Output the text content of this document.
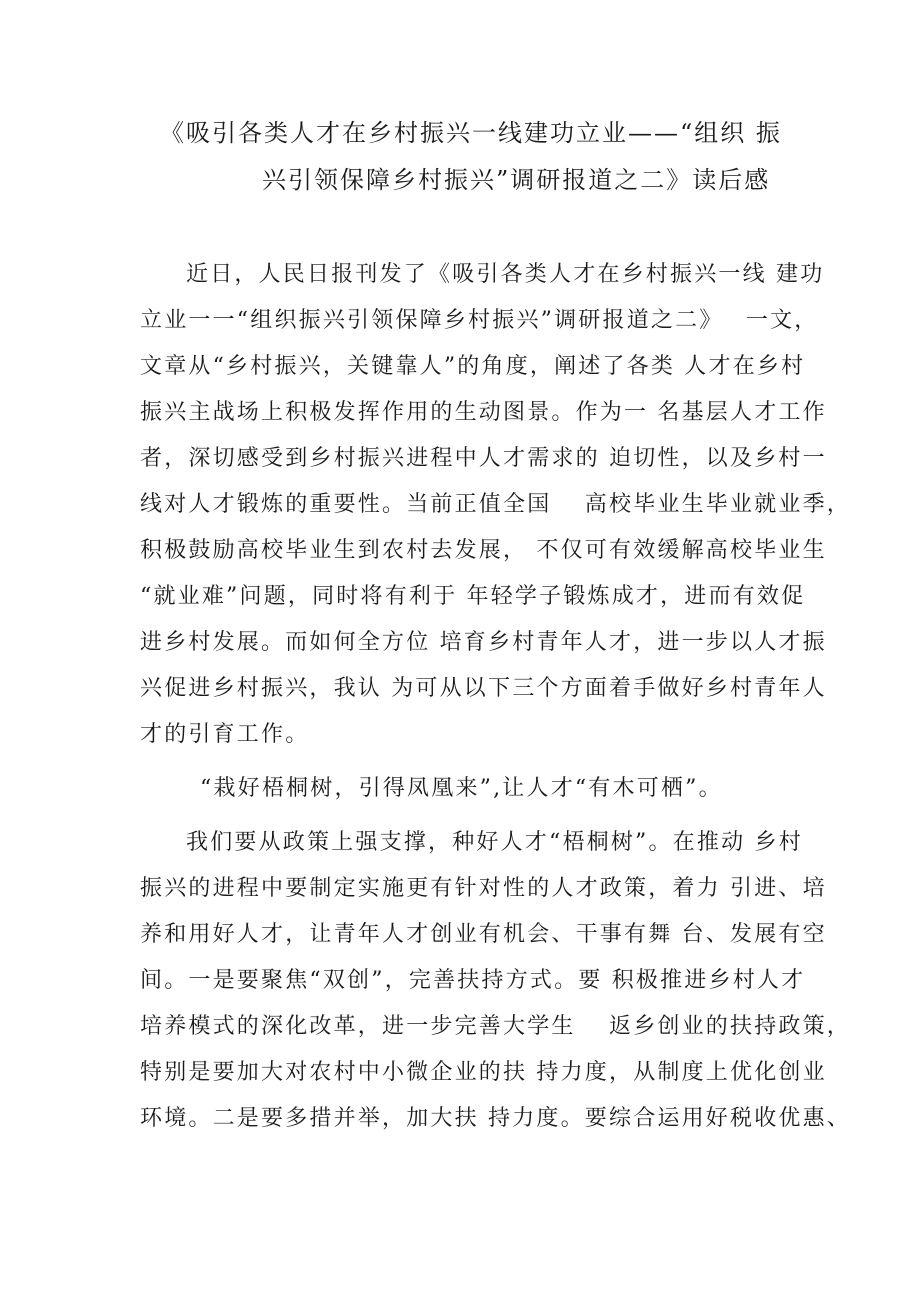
《吸引各类人才在乡村振兴一线建功立业——“组织 振
兴引领保障乡村振兴”调研报道之二》读后感

近日，人民日报刊发了《吸引各类人才在乡村振兴一线 建功

立业一一“组织振兴引领保障乡村振兴”调研报道之二》　 一文，

文章从“乡村振兴，关键靠人”的角度，阐述了各类 人才在乡村

振兴主战场上积极发挥作用的生动图景。作为一 名基层人才工作

者，深切感受到乡村振兴进程中人才需求的 迫切性，以及乡村一

线对人才锻炼的重要性。当前正值全国　 高校毕业生毕业就业季，

积极鼓励高校毕业生到农村去发展， 不仅可有效缓解高校毕业生

“就业难”问题，同时将有利于 年轻学子锻炼成才，进而有效促

进乡村发展。而如何全方位 培育乡村青年人才，进一步以人才振

兴促进乡村振兴，我认 为可从以下三个方面着手做好乡村青年人

才的引育工作。

“栽好梧桐树，引得凤凰来”,让人才“有木可栖”。

我们要从政策上强支撑，种好人才“梧桐树”。在推动 乡村

振兴的进程中要制定实施更有针对性的人才政策，着力 引进、培

养和用好人才，让青年人才创业有机会、干事有舞 台、发展有空

间。一是要聚焦“双创”，完善扶持方式。要 积极推进乡村人才

培养模式的深化改革，进一步完善大学生　 返乡创业的扶持政策，

特别是要加大对农村中小微企业的扶 持力度，从制度上优化创业

环境。二是要多措并举，加大扶 持力度。要综合运用好税收优惠、
